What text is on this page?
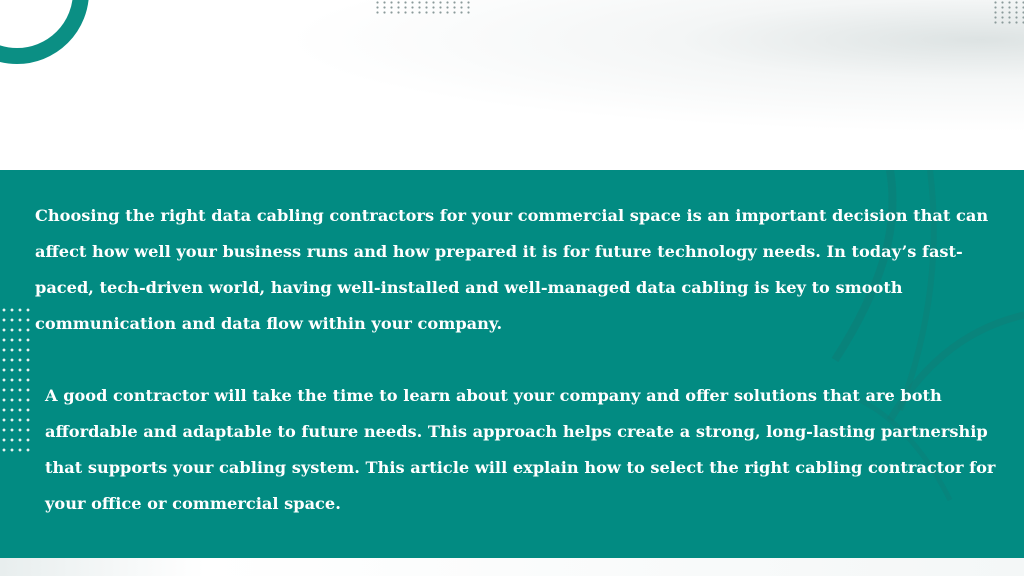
Choosing the right data cabling contractors for your commercial space is an important decision that can affect how well your business runs and how prepared it is for future technology needs. In today’s fast-paced, tech-driven world, having well-installed and well-managed data cabling is key to smooth communication and data flow within your company.

A good contractor will take the time to learn about your company and offer solutions that are both affordable and adaptable to future needs. This approach helps create a strong, long-lasting partnership that supports your cabling system. This article will explain how to select the right cabling contractor for your office or commercial space.
